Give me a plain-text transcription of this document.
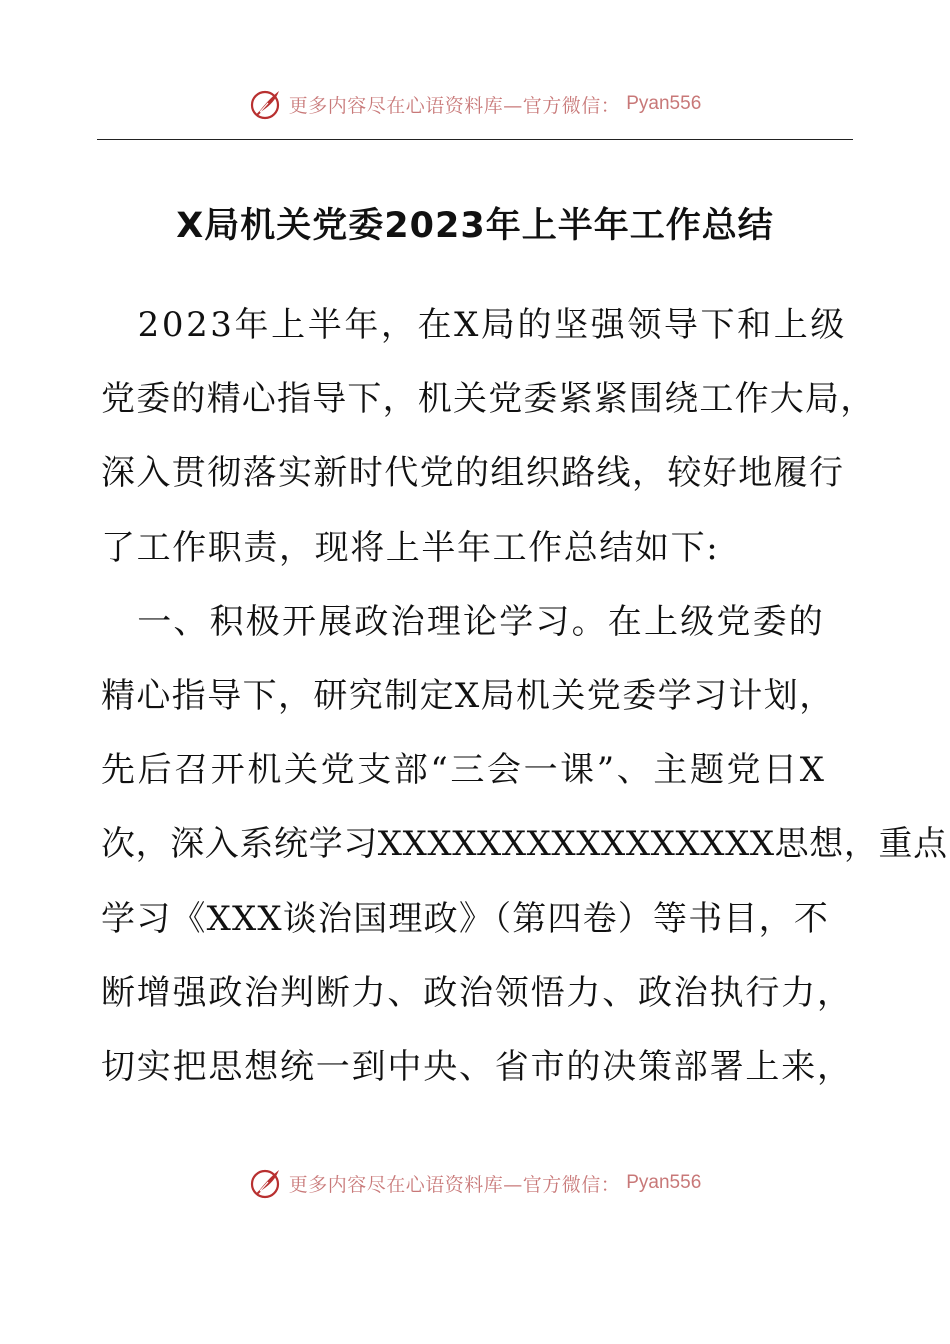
更多内容尽在心语资料库—官方微信： Pyan556
X局机关党委2023年上半年工作总结
　2023年上半年，在X局的坚强领导下和上级
党委的精心指导下，机关党委紧紧围绕工作大局，
深入贯彻落实新时代党的组织路线，较好地履行
了工作职责，现将上半年工作总结如下:
　一、积极开展政治理论学习。在上级党委的
精心指导下，研究制定X局机关党委学习计划，
先后召开机关党支部“三会一课”、主题党日X
次，深入系统学习XXXXXXXXXXXXXXXX思想，重点
学习《XXX谈治国理政》（第四卷）等书目，不
断增强政治判断力、政治领悟力、政治执行力，
切实把思想统一到中央、省市的决策部署上来，
更多内容尽在心语资料库—官方微信： Pyan556
